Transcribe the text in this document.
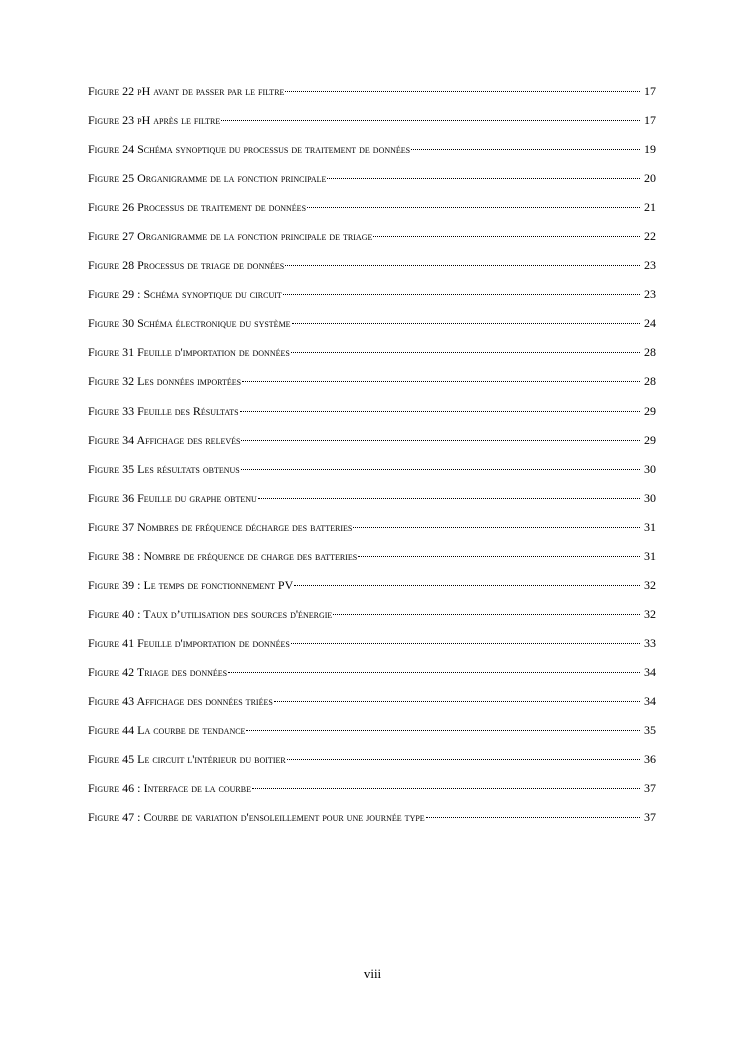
Figure 22 pH avant de passer par le filtre	17
Figure 23 pH après le filtre	17
Figure 24 Schéma synoptique du processus de traitement de données	19
Figure 25 Organigramme de la fonction principale	20
Figure 26 Processus de traitement de données	21
Figure 27 Organigramme de la fonction principale de triage	22
Figure 28 Processus de triage de données	23
Figure 29 : Schéma synoptique du circuit	23
Figure 30 Schéma électronique du système	24
Figure 31 Feuille d'importation de données	28
Figure 32 Les données importées	28
Figure 33 Feuille des Résultats	29
Figure 34 Affichage des relevés	29
Figure 35 Les résultats obtenus	30
Figure 36 Feuille du graphe obtenu	30
Figure 37 Nombres de fréquence décharge des batteries	31
Figure 38 : Nombre de fréquence de charge des batteries	31
Figure 39 : Le temps de fonctionnement PV	32
Figure 40 : Taux d’utilisation des sources d'énergie	32
Figure 41 Feuille d'importation de données	33
Figure 42 Triage des données	34
Figure 43 Affichage des données triées	34
Figure 44 La courbe de tendance	35
Figure 45 Le circuit l'intérieur du boitier	36
Figure 46 : Interface de la courbe	37
Figure 47 : Courbe de variation d'ensoleillement pour une journée type	37
viii
